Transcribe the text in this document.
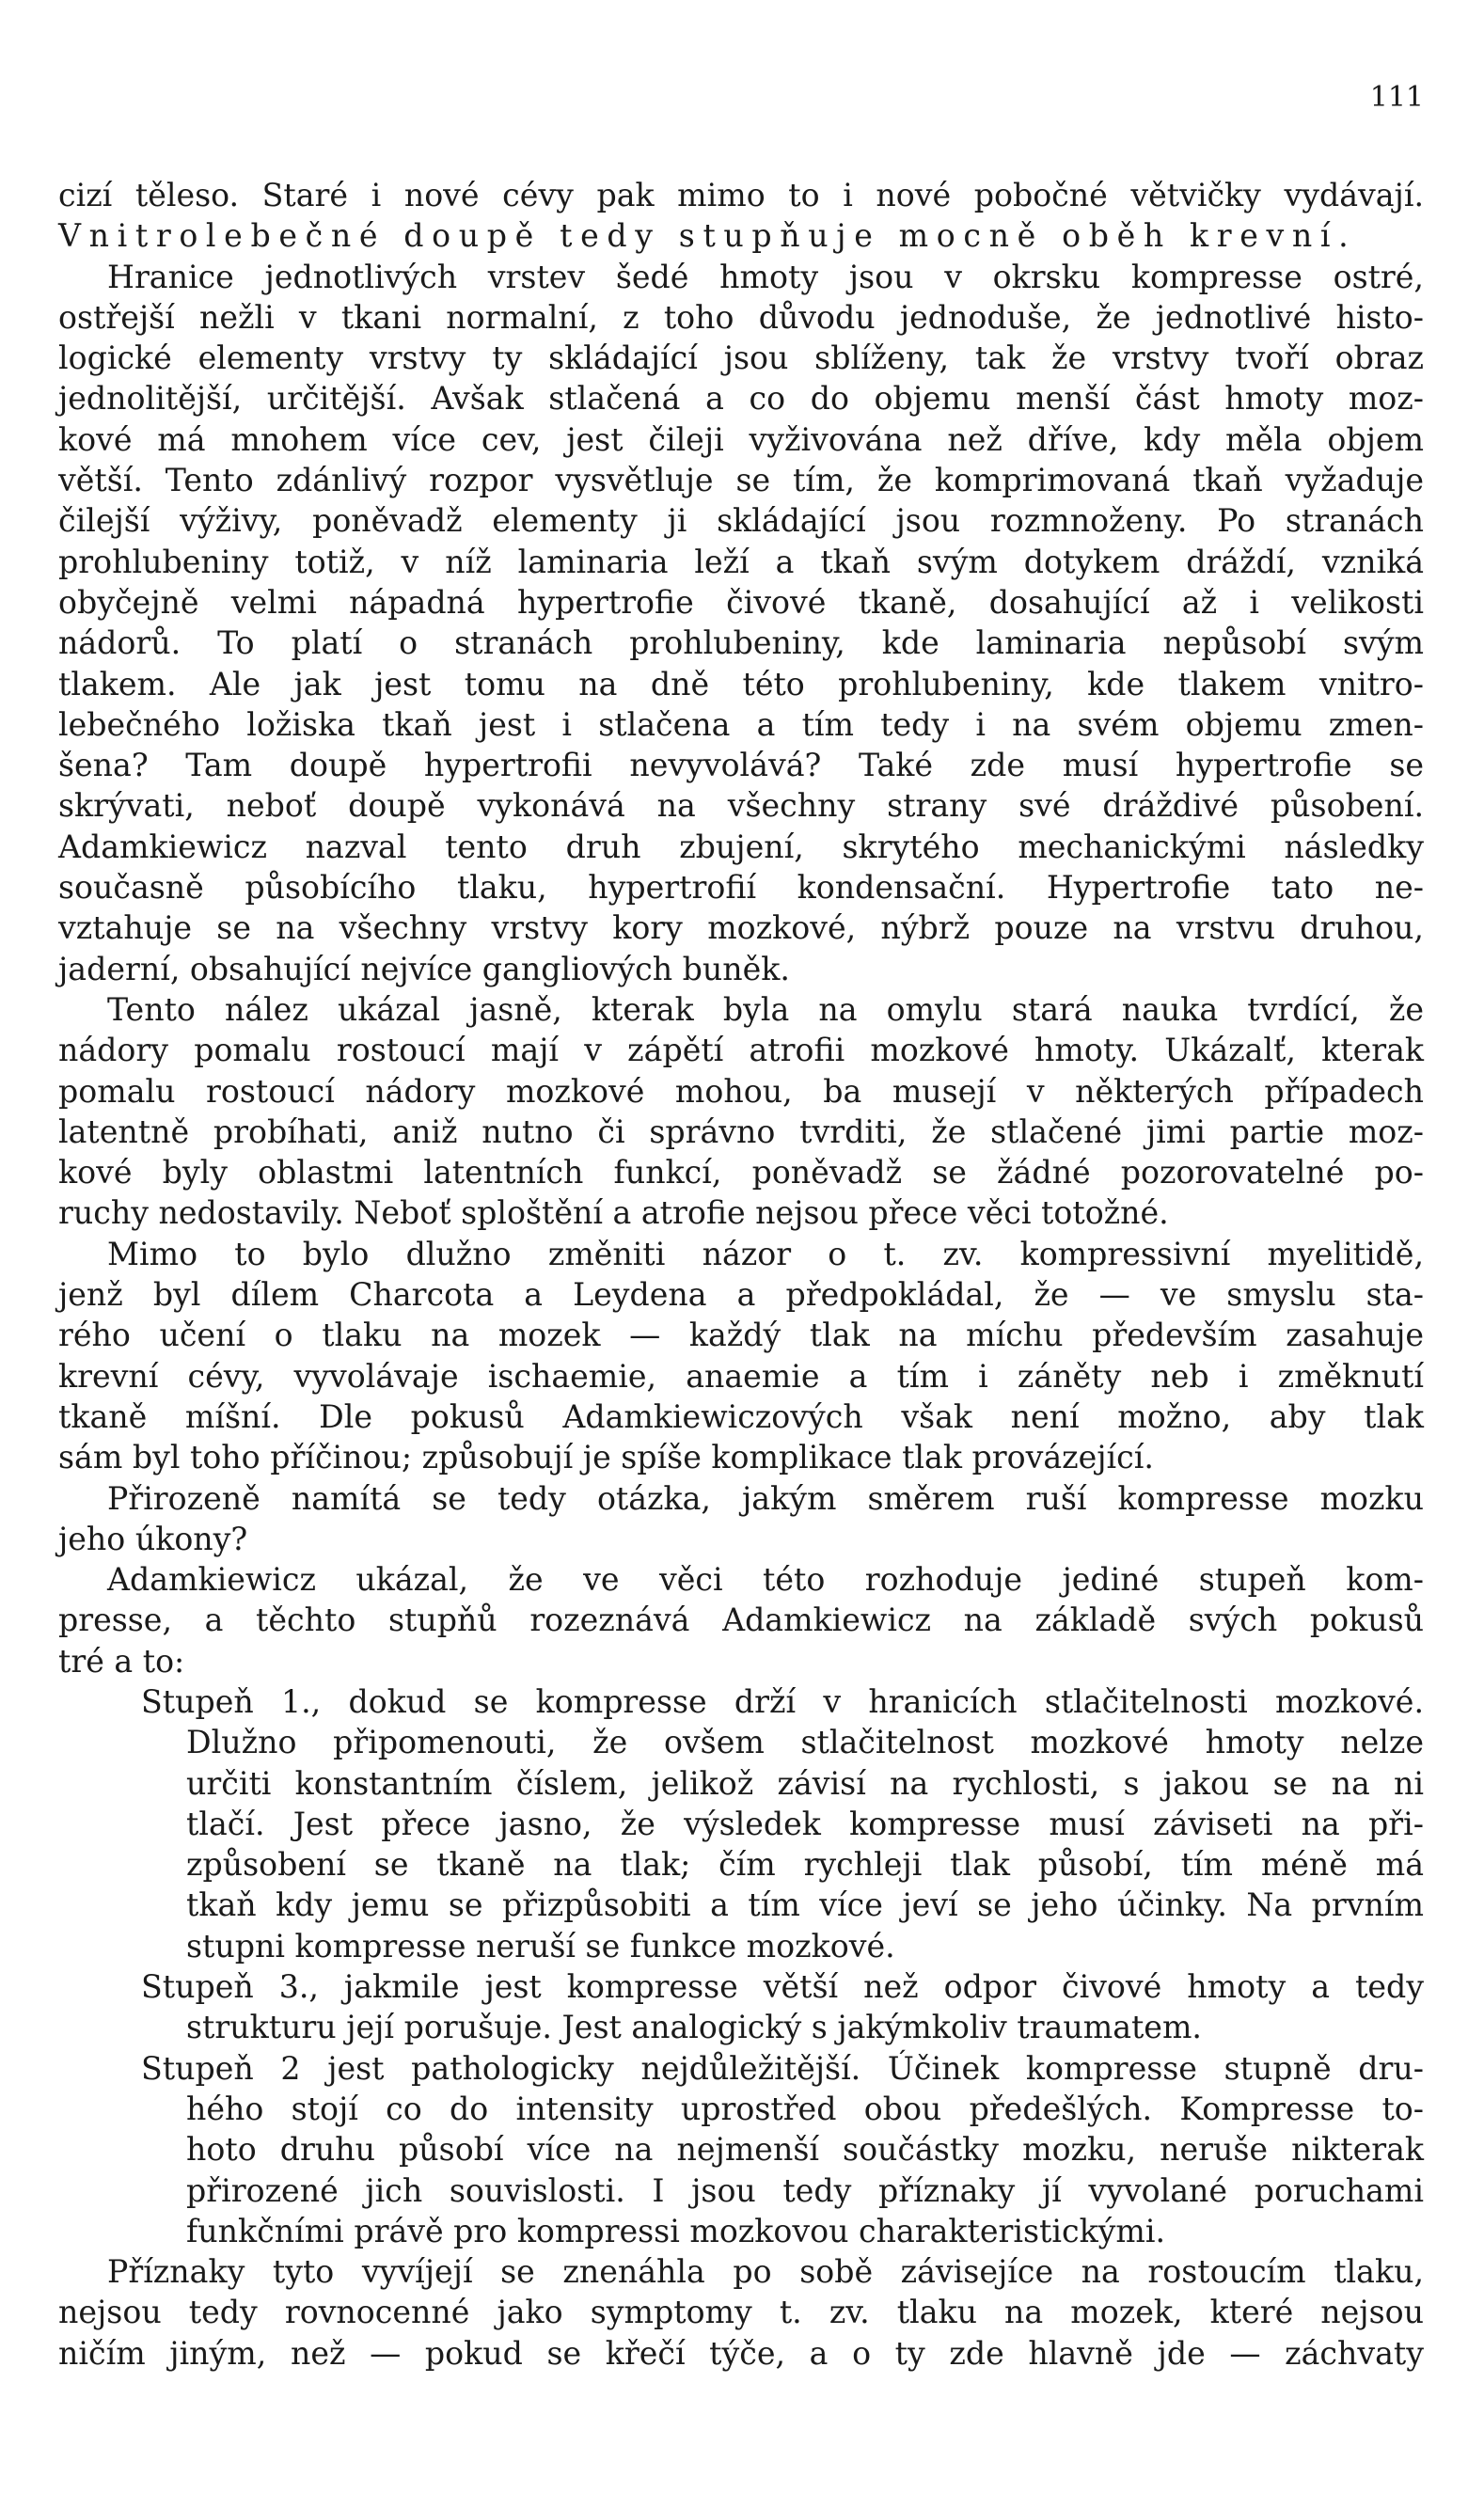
111
cizí těleso. Staré i nové cévy pak mimo to i nové pobočné větvičky vydávají.
Vnitrolebečné doupě tedy stupňuje mocně oběh krevní.
Hranice jednotlivých vrstev šedé hmoty jsou v okrsku kompresse ostré,
ostřejší nežli v tkani normalní, z toho důvodu jednoduše, že jednotlivé histo-
logické elementy vrstvy ty skládající jsou sblíženy, tak že vrstvy tvoří obraz
jednolitější, určitější. Avšak stlačená a co do objemu menší část hmoty moz-
kové má mnohem více cev, jest čileji vyživována než dříve, kdy měla objem
větší. Tento zdánlivý rozpor vysvětluje se tím, že komprimovaná tkaň vyžaduje
čilejší výživy, poněvadž elementy ji skládající jsou rozmnoženy. Po stranách
prohlubeniny totiž, v níž laminaria leží a tkaň svým dotykem dráždí, vzniká
obyčejně velmi nápadná hypertrofie čivové tkaně, dosahující až i velikosti
nádorů. To platí o stranách prohlubeniny, kde laminaria nepůsobí svým
tlakem. Ale jak jest tomu na dně této prohlubeniny, kde tlakem vnitro-
lebečného ložiska tkaň jest i stlačena a tím tedy i na svém objemu zmen-
šena? Tam doupě hypertrofii nevyvolává? Také zde musí hypertrofie se
skrývati, neboť doupě vykonává na všechny strany své dráždivé působení.
Adamkiewicz nazval tento druh zbujení, skrytého mechanickými následky
současně působícího tlaku, hypertrofií kondensační. Hypertrofie tato ne-
vztahuje se na všechny vrstvy kory mozkové, nýbrž pouze na vrstvu druhou,
jaderní, obsahující nejvíce gangliových buněk.
Tento nález ukázal jasně, kterak byla na omylu stará nauka tvrdící, že
nádory pomalu rostoucí mají v zápětí atrofii mozkové hmoty. Ukázalť, kterak
pomalu rostoucí nádory mozkové mohou, ba musejí v některých případech
latentně probíhati, aniž nutno či správno tvrditi, že stlačené jimi partie moz-
kové byly oblastmi latentních funkcí, poněvadž se žádné pozorovatelné po-
ruchy nedostavily. Neboť sploštění a atrofie nejsou přece věci totožné.
Mimo to bylo dlužno změniti názor o t. zv. kompressivní myelitidě,
jenž byl dílem Charcota a Leydena a předpokládal, že — ve smyslu sta-
rého učení o tlaku na mozek — každý tlak na míchu především zasahuje
krevní cévy, vyvolávaje ischaemie, anaemie a tím i záněty neb i změknutí
tkaně míšní. Dle pokusů Adamkiewiczových však není možno, aby tlak
sám byl toho příčinou; způsobují je spíše komplikace tlak provázející.
Přirozeně namítá se tedy otázka, jakým směrem ruší kompresse mozku
jeho úkony?
Adamkiewicz ukázal, že ve věci této rozhoduje jediné stupeň kom-
presse, a těchto stupňů rozeznává Adamkiewicz na základě svých pokusů
tré a to:
Stupeň 1., dokud se kompresse drží v hranicích stlačitelnosti mozkové.
Dlužno připomenouti, že ovšem stlačitelnost mozkové hmoty nelze
určiti konstantním číslem, jelikož závisí na rychlosti, s jakou se na ni
tlačí. Jest přece jasno, že výsledek kompresse musí záviseti na při-
způsobení se tkaně na tlak; čím rychleji tlak působí, tím méně má
tkaň kdy jemu se přizpůsobiti a tím více jeví se jeho účinky. Na prvním
stupni kompresse neruší se funkce mozkové.
Stupeň 3., jakmile jest kompresse větší než odpor čivové hmoty a tedy
strukturu její porušuje. Jest analogický s jakýmkoliv traumatem.
Stupeň 2 jest pathologicky nejdůležitější. Účinek kompresse stupně dru-
hého stojí co do intensity uprostřed obou předešlých. Kompresse to-
hoto druhu působí více na nejmenší součástky mozku, neruše nikterak
přirozené jich souvislosti. I jsou tedy příznaky jí vyvolané poruchami
funkčními právě pro kompressi mozkovou charakteristickými.
Příznaky tyto vyvíjejí se znenáhla po sobě závisejíce na rostoucím tlaku,
nejsou tedy rovnocenné jako symptomy t. zv. tlaku na mozek, které nejsou
ničím jiným, než — pokud se křečí týče, a o ty zde hlavně jde — záchvaty
